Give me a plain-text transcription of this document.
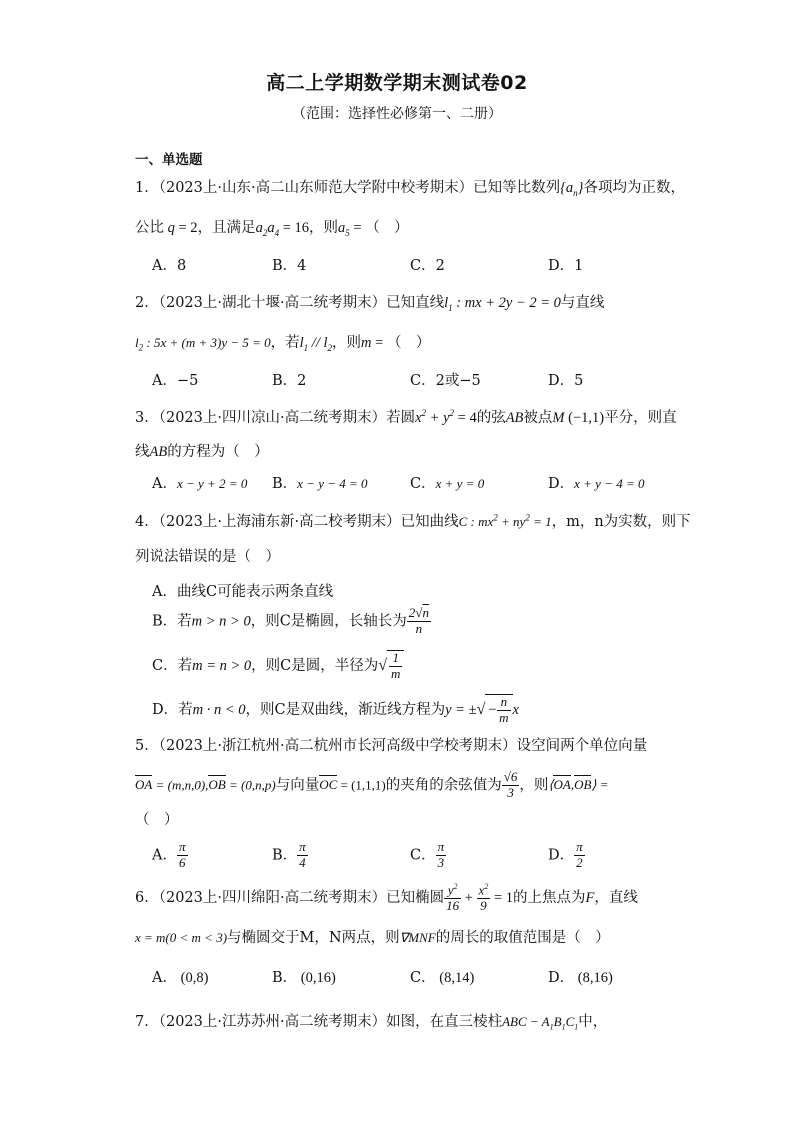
高二上学期数学期末测试卷02
（范围：选择性必修第一、二册）
一、单选题
1．（2023上·山东·高二山东师范大学附中校考期末）已知等比数列$\{a_n\}$各项均为正数，
公比 q = 2，且满足$a_2a_4 = 16$，则$a_5$ = （　）
A．8	B．4	C．2	D．1
2．（2023上·湖北十堰·高二统考期末）已知直线$l_1$ : mx + 2y − 2 = 0与直线
$l_2$ : 5x + (m + 3)y − 5 = 0，若$l_1 // l_2$，则m = （　）
A．−5	B．2	C．2或−5	D．5
3．（2023上·四川凉山·高二统考期末）若圆$x^2 + y^2 = 4$的弦AB被点M (−1,1)平分，则直
线AB的方程为（　）
A．x − y + 2 = 0 B．x − y − 4 = 0	C．x + y = 0	D．x + y − 4 = 0
4．（2023上·上海浦东新·高二校考期末）已知曲线C : $mx^2 + ny^2 = 1$，m，n为实数，则下
列说法错误的是（　）
A．曲线C可能表示两条直线
B．若m > n > 0，则C是椭圆，长轴长为 $\frac{2√n}{n}$
C．若m = n > 0，则C是圆，半径为√ $\frac{1}{m}$
D．若m · n < 0，则C是双曲线，渐近线方程为y = ±√ − $\frac{n}{m}$ x
5．（2023上·浙江杭州·高二杭州市长河高级中学校考期末）设空间两个单位向量
OA = (m,n,0),OB = (0,n,p)与向量OC = (1,1,1)的夹角的余弦值为 $\frac{√6}{3}$ ，则⟨OA,OB⟩ =
（　）
A． $\frac{\pi}{6}$	B． $\frac{\pi}{4}$	C． $\frac{\pi}{3}$	D． $\frac{\pi}{2}$
6．（2023上·四川绵阳·高二统考期末）已知椭圆 $\frac{y^2}{16} + \frac{x^2}{9} = 1$的上焦点为F，直线
x = m(0 < m < 3)与椭圆交于M，N两点，则∇MNF的周长的取值范围是（　）
A． (0,8)	B． (0,16)	C． (8,14)	D． (8,16)
7．（2023上·江苏苏州·高二统考期末）如图，在直三棱柱ABC − $A_1B_1C_1$中，
